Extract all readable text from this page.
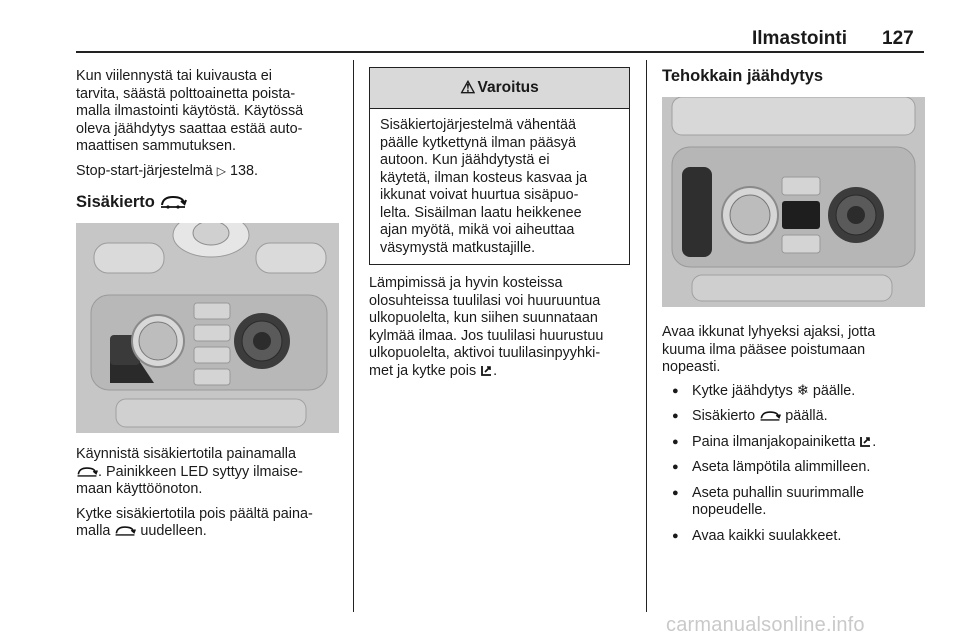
Ilmastointi 127

Kun viilennystä tai kuivausta ei
tarvita, säästä polttoainetta poista-
malla ilmastointi käytöstä. Käytössä
oleva jäähdytys saattaa estää auto-
maattisen sammutuksen.

Stop-start-järjestelmä ▷ 138.

Sisäkierto

Käynnistä sisäkiertotila painamalla
. Painikkeen LED syttyy ilmaise-
maan käyttöönoton.

Kytke sisäkiertotila pois päältä paina-
malla uudelleen.

⚠ Varoitus
Sisäkiertojärjestelmä vähentää
päälle kytkettynä ilman pääsyä
autoon. Kun jäähdytystä ei
käytetä, ilman kosteus kasvaa ja
ikkunat voivat huurtua sisäpuo-
lelta. Sisäilman laatu heikkenee
ajan myötä, mikä voi aiheuttaa
väsymystä matkustajille.

Lämpimissä ja hyvin kosteissa
olosuhteissa tuulilasi voi huuruuntua
ulkopuolelta, kun siihen suunnataan
kylmää ilmaa. Jos tuulilasi huurustuu
ulkopuolelta, aktivoi tuulilasinpyyhki-
met ja kytke pois .

Tehokkain jäähdytys

Avaa ikkunat lyhyeksi ajaksi, jotta
kuuma ilma pääsee poistumaan
nopeasti.

● Kytke jäähdytys ❄ päälle.
● Sisäkierto päällä.
● Paina ilmanjakopainiketta .
● Aseta lämpötila alimmilleen.
● Aseta puhallin suurimmalle
nopeudelle.
● Avaa kaikki suulakkeet.
carmanualsonline.info
